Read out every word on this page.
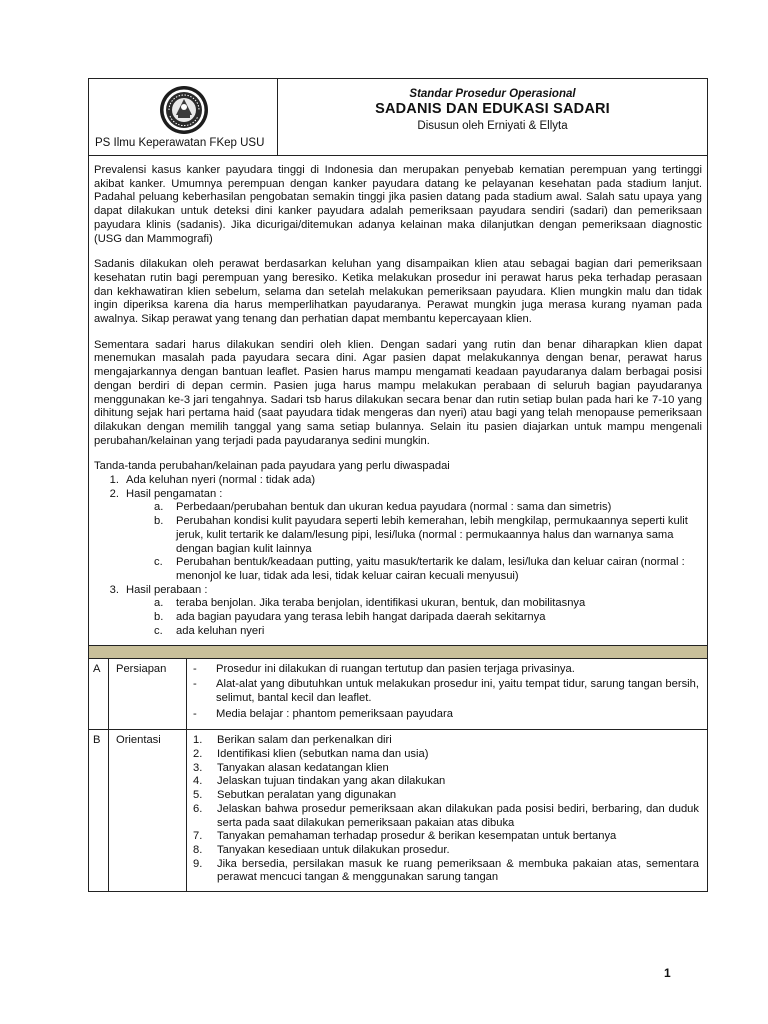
PS Ilmu Keperawatan FKep USU
Standar Prosedur Operasional
SADANIS DAN EDUKASI SADARI
Disusun oleh Erniyati & Ellyta

Prevalensi kasus kanker payudara tinggi di Indonesia dan merupakan penyebab kematian perempuan yang tertinggi akibat kanker. Umumnya perempuan dengan kanker payudara datang ke pelayanan kesehatan pada stadium lanjut. Padahal peluang keberhasilan pengobatan semakin tinggi jika pasien datang pada stadium awal. Salah satu upaya yang dapat dilakukan untuk deteksi dini kanker payudara adalah pemeriksaan payudara sendiri (sadari) dan pemeriksaan payudara klinis (sadanis). Jika dicurigai/ditemukan adanya kelainan maka dilanjutkan dengan pemeriksaan diagnostic (USG dan Mammografi)

Sadanis dilakukan oleh perawat berdasarkan keluhan yang disampaikan klien atau sebagai bagian dari pemeriksaan kesehatan rutin bagi perempuan yang beresiko. Ketika melakukan prosedur ini perawat harus peka terhadap perasaan dan kekhawatiran klien sebelum, selama dan setelah melakukan pemeriksaan payudara. Klien mungkin malu dan tidak ingin diperiksa karena dia harus memperlihatkan payudaranya. Perawat mungkin juga merasa kurang nyaman pada awalnya. Sikap perawat yang tenang dan perhatian dapat membantu kepercayaan klien.

Sementara sadari harus dilakukan sendiri oleh klien. Dengan sadari yang rutin dan benar diharapkan klien dapat menemukan masalah pada payudara secara dini. Agar pasien dapat melakukannya dengan benar, perawat harus mengajarkannya dengan bantuan leaflet. Pasien harus mampu mengamati keadaan payudaranya dalam berbagai posisi dengan berdiri di depan cermin. Pasien juga harus mampu melakukan perabaan di seluruh bagian payudaranya menggunakan ke-3 jari tengahnya. Sadari tsb harus dilakukan secara benar dan rutin setiap bulan pada hari ke 7-10 yang dihitung sejak hari pertama haid (saat payudara tidak mengeras dan nyeri) atau bagi yang telah menopause pemeriksaan dilakukan dengan memilih tanggal yang sama setiap bulannya. Selain itu pasien diajarkan untuk mampu mengenali perubahan/kelainan yang terjadi pada payudaranya sedini mungkin.

Tanda-tanda perubahan/kelainan pada payudara yang perlu diwaspadai
1. Ada keluhan nyeri (normal : tidak ada)
2. Hasil pengamatan :
a.	Perbedaan/perubahan bentuk dan ukuran kedua payudara (normal : sama dan simetris)
b.	Perubahan kondisi kulit payudara seperti lebih kemerahan, lebih mengkilap, permukaannya seperti kulit jeruk, kulit tertarik ke dalam/lesung pipi, lesi/luka (normal : permukaannya halus dan warnanya sama dengan bagian kulit lainnya
c.	Perubahan bentuk/keadaan putting, yaitu masuk/tertarik ke dalam, lesi/luka dan keluar cairan (normal : menonjol ke luar, tidak ada lesi, tidak keluar cairan kecuali menyusui)
3. Hasil perabaan :
a.	teraba benjolan. Jika teraba benjolan, identifikasi ukuran, bentuk, dan mobilitasnya
b.	ada bagian payudara yang terasa lebih hangat daripada daerah sekitarnya
c.	ada keluhan nyeri
A	Persiapan	-	Prosedur ini dilakukan di ruangan tertutup dan pasien terjaga privasinya.
-	Alat-alat yang dibutuhkan untuk melakukan prosedur ini, yaitu tempat tidur, sarung tangan bersih, selimut, bantal kecil dan leaflet.
-	Media belajar : phantom pemeriksaan payudara
B	Orientasi	1.	Berikan salam dan perkenalkan diri
2.	Identifikasi klien (sebutkan nama dan usia)
3.	Tanyakan alasan kedatangan klien
4.	Jelaskan tujuan tindakan yang akan dilakukan
5.	Sebutkan peralatan yang digunakan
6.	Jelaskan bahwa prosedur pemeriksaan akan dilakukan pada posisi bediri, berbaring, dan duduk serta pada saat dilakukan pemeriksaan pakaian atas dibuka
7.	Tanyakan pemahaman terhadap prosedur & berikan kesempatan untuk bertanya
8.	Tanyakan kesediaan untuk dilakukan prosedur.
9.	Jika bersedia, persilakan masuk ke ruang pemeriksaan & membuka pakaian atas, sementara perawat mencuci tangan & menggunakan sarung tangan
1
